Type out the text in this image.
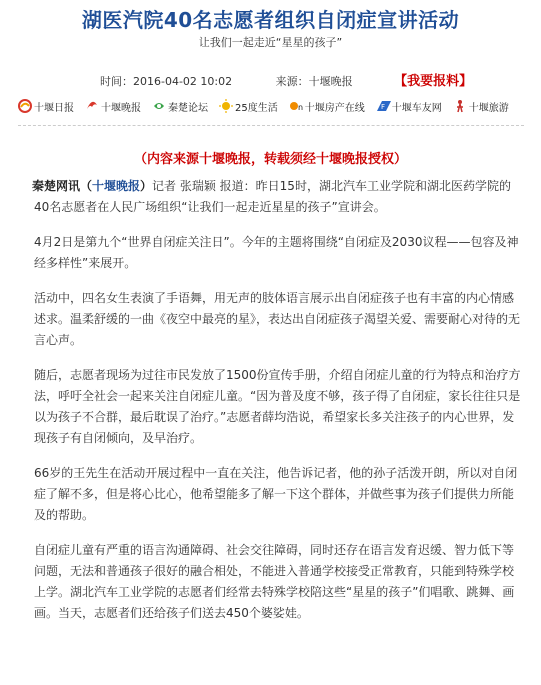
湖医汽院40名志愿者组织自闭症宣讲活动
让我们一起走近“星星的孩子”
时间：2016-04-02 10:02	来源：十堰晚报	【我要报料】
十堰日报	十堰晚报	秦楚论坛	25度生活	n 十堰房产在线 F 十堰车友网	十堰旅游
（内容来源十堰晚报，转载须经十堰晚报授权）

秦楚网讯（十堰晚报）记者 张瑞颖 报道：昨日15时，湖北汽车工业学院和湖北医药学院的40名志愿者在人民广场组织“让我们一起走近星星的孩子”宣讲会。

4月2日是第九个“世界自闭症关注日”。今年的主题将围绕“自闭症及2030议程——包容及神经多样性”来展开。

活动中，四名女生表演了手语舞，用无声的肢体语言展示出自闭症孩子也有丰富的内心情感述求。温柔舒缓的一曲《夜空中最亮的星》，表达出自闭症孩子渴望关爱、需要耐心对待的无言心声。

随后，志愿者现场为过往市民发放了1500份宣传手册，介绍自闭症儿童的行为特点和治疗方法，呼吁全社会一起来关注自闭症儿童。“因为普及度不够，孩子得了自闭症，家长往往只是以为孩子不合群，最后耽误了治疗。”志愿者薛均浩说，希望家长多关注孩子的内心世界，发现孩子有自闭倾向，及早治疗。

66岁的王先生在活动开展过程中一直在关注，他告诉记者，他的孙子活泼开朗，所以对自闭症了解不多，但是将心比心，他希望能多了解一下这个群体，并做些事为孩子们提供力所能及的帮助。

自闭症儿童有严重的语言沟通障碍、社会交往障碍，同时还存在语言发育迟缓、智力低下等问题，无法和普通孩子很好的融合相处，不能进入普通学校接受正常教育，只能到特殊学校上学。湖北汽车工业学院的志愿者们经常去特殊学校陪这些“星星的孩子”们唱歌、跳舞、画画。当天，志愿者们还给孩子们送去450个婆娑娃。
